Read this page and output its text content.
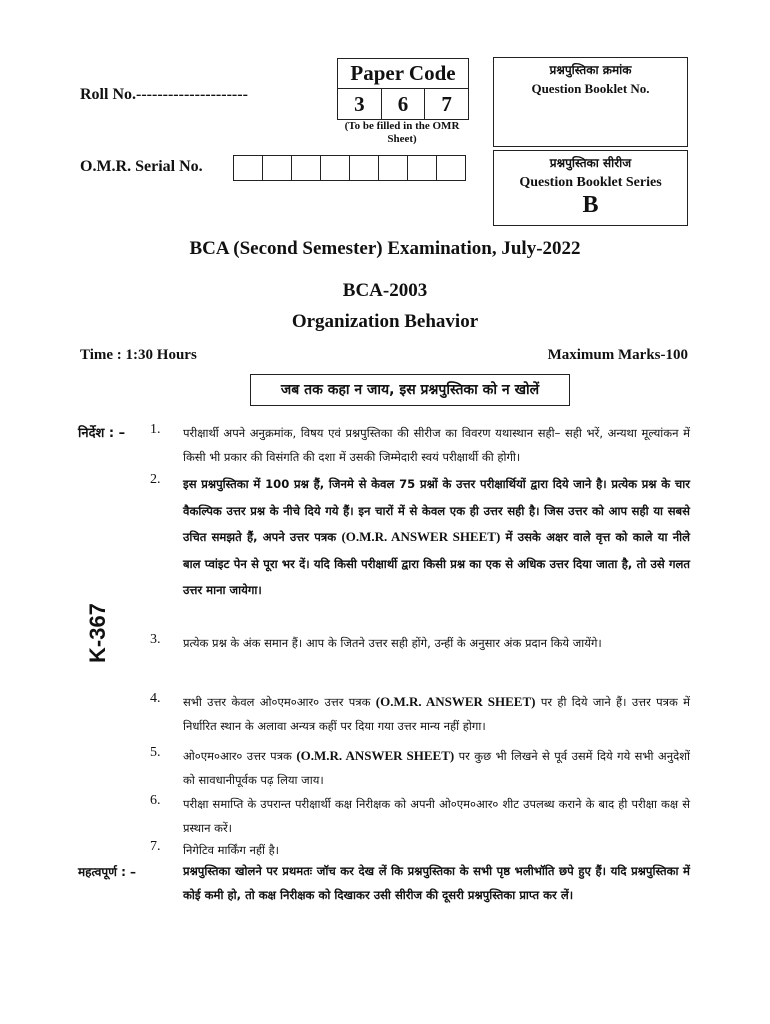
Roll No.---------------------
O.M.R. Serial No.
Paper Code
3	6	7
(To be filled in the OMR Sheet)
प्रश्नपुस्तिका क्रमांक
Question Booklet No.
प्रश्नपुस्तिका सीरीज
Question Booklet Series
B
BCA (Second Semester) Examination, July-2022
BCA-2003
Organization Behavior
Time : 1:30 Hours	Maximum Marks-100
जब तक कहा न जाय, इस प्रश्नपुस्तिका को न खोलें
K-367
निर्देश : – 1.	परीक्षार्थी अपने अनुक्रमांक, विषय एवं प्रश्नपुस्तिका की सीरीज का विवरण यथास्थान सही– सही भरें, अन्यथा मूल्यांकन में किसी भी प्रकार की विसंगति की दशा में उसकी जिम्मेदारी स्वयं परीक्षार्थी की होगी।
2.	इस प्रश्नपुस्तिका में 100 प्रश्न हैं, जिनमे से केवल 75 प्रश्नों के उत्तर परीक्षार्थियों द्वारा दिये जाने है। प्रत्येक प्रश्न के चार वैकल्पिक उत्तर प्रश्न के नीचे दिये गये हैं। इन चारों में से केवल एक ही उत्तर सही है। जिस उत्तर को आप सही या सबसे उचित समझते हैं, अपने उत्तर पत्रक (O.M.R. ANSWER SHEET) में उसके अक्षर वाले वृत्त को काले या नीले बाल प्वांइट पेन से पूरा भर दें। यदि किसी परीक्षार्थी द्वारा किसी प्रश्न का एक से अधिक उत्तर दिया जाता है, तो उसे गलत उत्तर माना जायेगा।
3.	प्रत्येक प्रश्न के अंक समान हैं। आप के जितने उत्तर सही होंगे, उन्हीं के अनुसार अंक प्रदान किये जायेंगे।
4.	सभी उत्तर केवल ओ०एम०आर० उत्तर पत्रक (O.M.R. ANSWER SHEET) पर ही दिये जाने हैं। उत्तर पत्रक में निर्धारित स्थान के अलावा अन्यत्र कहीं पर दिया गया उत्तर मान्य नहीं होगा।
5.	ओ०एम०आर० उत्तर पत्रक (O.M.R. ANSWER SHEET) पर कुछ भी लिखने से पूर्व उसमें दिये गये सभी अनुदेशों को सावधानीपूर्वक पढ़ लिया जाय।
6.	परीक्षा समाप्ति के उपरान्त परीक्षार्थी कक्ष निरीक्षक को अपनी ओ०एम०आर० शीट उपलब्ध कराने के बाद ही परीक्षा कक्ष से प्रस्थान करें।
7.	निगेटिव मार्किंग नहीं है।
महत्वपूर्ण : –	प्रश्नपुस्तिका खोलने पर प्रथमतः जॉच कर देख लें कि प्रश्नपुस्तिका के सभी पृष्ठ भलीभॉति छपे हुए हैं। यदि प्रश्नपुस्तिका में कोई कमी हो, तो कक्ष निरीक्षक को दिखाकर उसी सीरीज की दूसरी प्रश्नपुस्तिका प्राप्त कर लें।
